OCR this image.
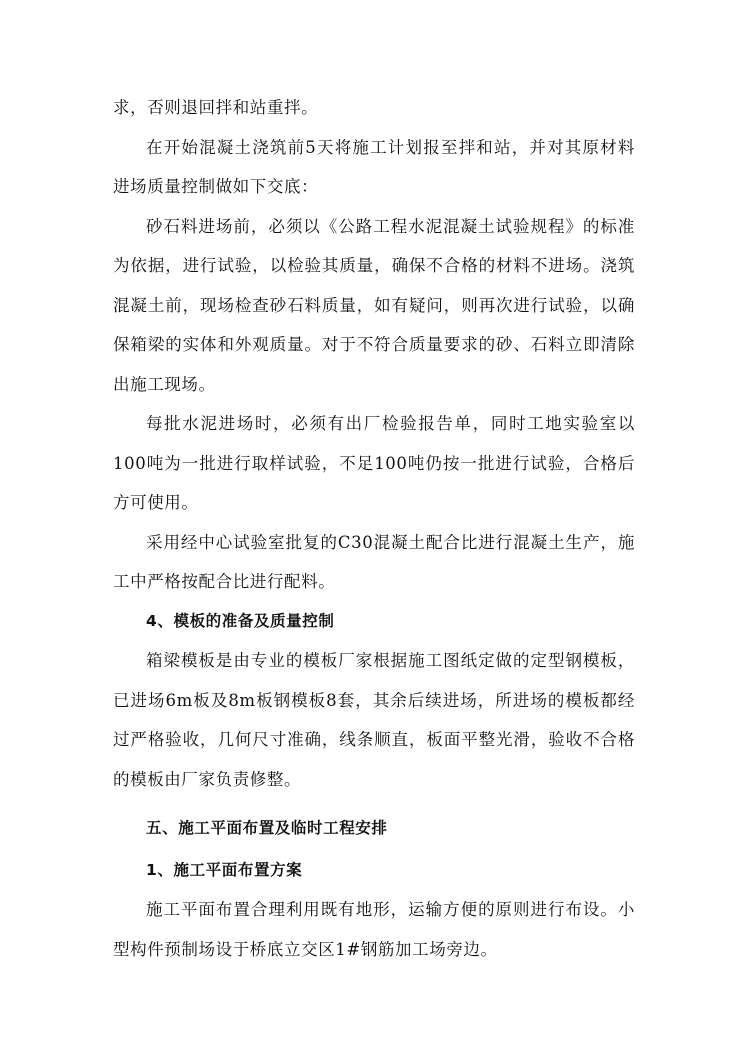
求，否则退回拌和站重拌。

在开始混凝土浇筑前5天将施工计划报至拌和站，并对其原材料进场质量控制做如下交底：

砂石料进场前，必须以《公路工程水泥混凝土试验规程》的标准为依据，进行试验，以检验其质量，确保不合格的材料不进场。浇筑混凝土前，现场检查砂石料质量，如有疑问，则再次进行试验，以确保箱梁的实体和外观质量。对于不符合质量要求的砂、石料立即清除出施工现场。

每批水泥进场时，必须有出厂检验报告单，同时工地实验室以100吨为一批进行取样试验，不足100吨仍按一批进行试验，合格后方可使用。

采用经中心试验室批复的C30混凝土配合比进行混凝土生产，施工中严格按配合比进行配料。

4、模板的准备及质量控制

箱梁模板是由专业的模板厂家根据施工图纸定做的定型钢模板，已进场6m板及8m板钢模板8套，其余后续进场，所进场的模板都经过严格验收，几何尺寸准确，线条顺直，板面平整光滑，验收不合格的模板由厂家负责修整。

五、施工平面布置及临时工程安排

1、施工平面布置方案

施工平面布置合理利用既有地形，运输方便的原则进行布设。小型构件预制场设于桥底立交区1#钢筋加工场旁边。
